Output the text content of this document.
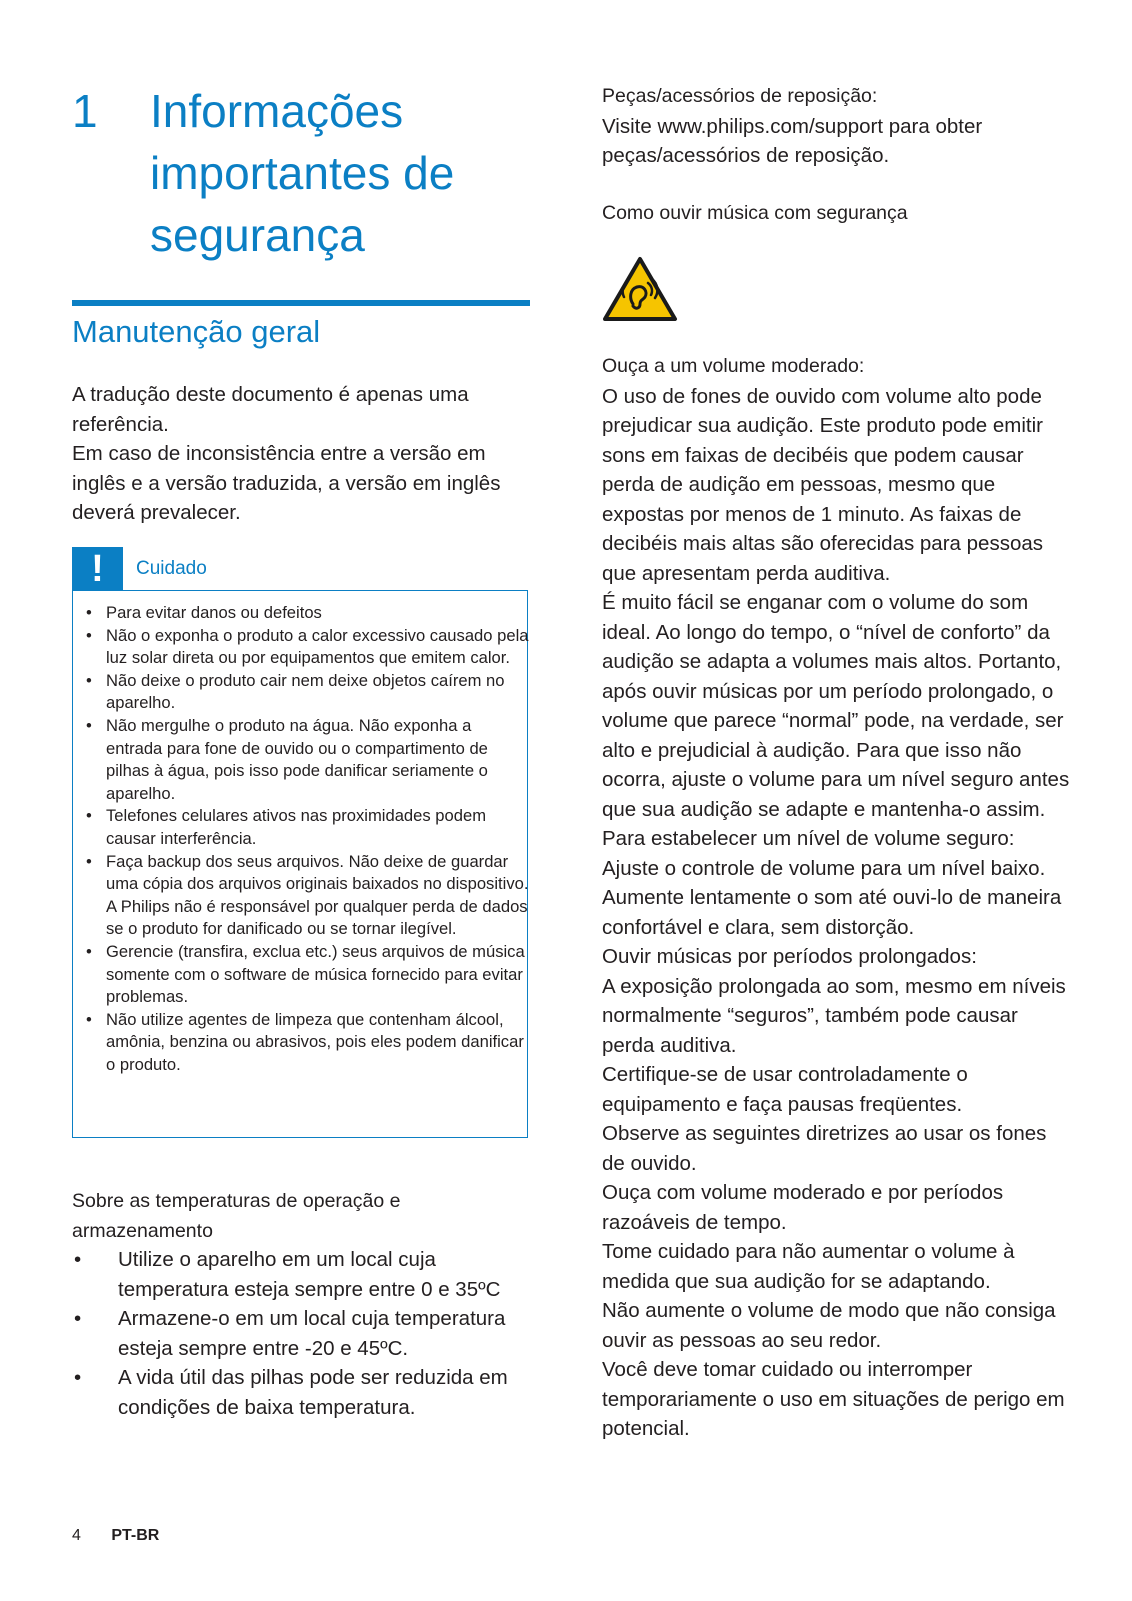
1 Informações importantes de segurança
Manutenção geral

A tradução deste documento é apenas uma referência.

Em caso de inconsistência entre a versão em inglês e a versão traduzida, a versão em inglês deverá prevalecer.

!	Cuidado
• Para evitar danos ou defeitos
• Não o exponha o produto a calor excessivo causado pela luz solar direta ou por equipamentos que emitem calor.
• Não deixe o produto cair nem deixe objetos caírem no aparelho.
• Não mergulhe o produto na água. Não exponha a entrada para fone de ouvido ou o compartimento de pilhas à água, pois isso pode danificar seriamente o aparelho.
• Telefones celulares ativos nas proximidades podem causar interferência.
• Faça backup dos seus arquivos. Não deixe de guardar uma cópia dos arquivos originais baixados no dispositivo. A Philips não é responsável por qualquer perda de dados se o produto for danificado ou se tornar ilegível.
• Gerencie (transfira, exclua etc.) seus arquivos de música somente com o software de música fornecido para evitar problemas.
• Não utilize agentes de limpeza que contenham álcool, amônia, benzina ou abrasivos, pois eles podem danificar o produto.
Sobre as temperaturas de operação e armazenamento
• Utilize o aparelho em um local cuja temperatura esteja sempre entre 0 e 35ºC
• Armazene-o em um local cuja temperatura esteja sempre entre -20 e 45ºC.
• A vida útil das pilhas pode ser reduzida em condições de baixa temperatura.
4 PT-BR

Peças/acessórios de reposição:

Visite www.philips.com/support para obter peças/acessórios de reposição.

Como ouvir música com segurança

Ouça a um volume moderado:

O uso de fones de ouvido com volume alto pode prejudicar sua audição. Este produto pode emitir sons em faixas de decibéis que podem causar perda de audição em pessoas, mesmo que expostas por menos de 1 minuto. As faixas de decibéis mais altas são oferecidas para pessoas que apresentam perda auditiva.

É muito fácil se enganar com o volume do som ideal. Ao longo do tempo, o “nível de conforto” da audição se adapta a volumes mais altos. Portanto, após ouvir músicas por um período prolongado, o volume que parece “normal” pode, na verdade, ser alto e prejudicial à audição. Para que isso não ocorra, ajuste o volume para um nível seguro antes que sua audição se adapte e mantenha-o assim.

Para estabelecer um nível de volume seguro:

Ajuste o controle de volume para um nível baixo.

Aumente lentamente o som até ouvi-lo de maneira confortável e clara, sem distorção.

Ouvir músicas por períodos prolongados:

A exposição prolongada ao som, mesmo em níveis normalmente “seguros”, também pode causar perda auditiva.

Certifique-se de usar controladamente o equipamento e faça pausas freqüentes.

Observe as seguintes diretrizes ao usar os fones de ouvido.

Ouça com volume moderado e por períodos razoáveis de tempo.

Tome cuidado para não aumentar o volume à medida que sua audição for se adaptando.

Não aumente o volume de modo que não consiga ouvir as pessoas ao seu redor.

Você deve tomar cuidado ou interromper temporariamente o uso em situações de perigo em potencial.
